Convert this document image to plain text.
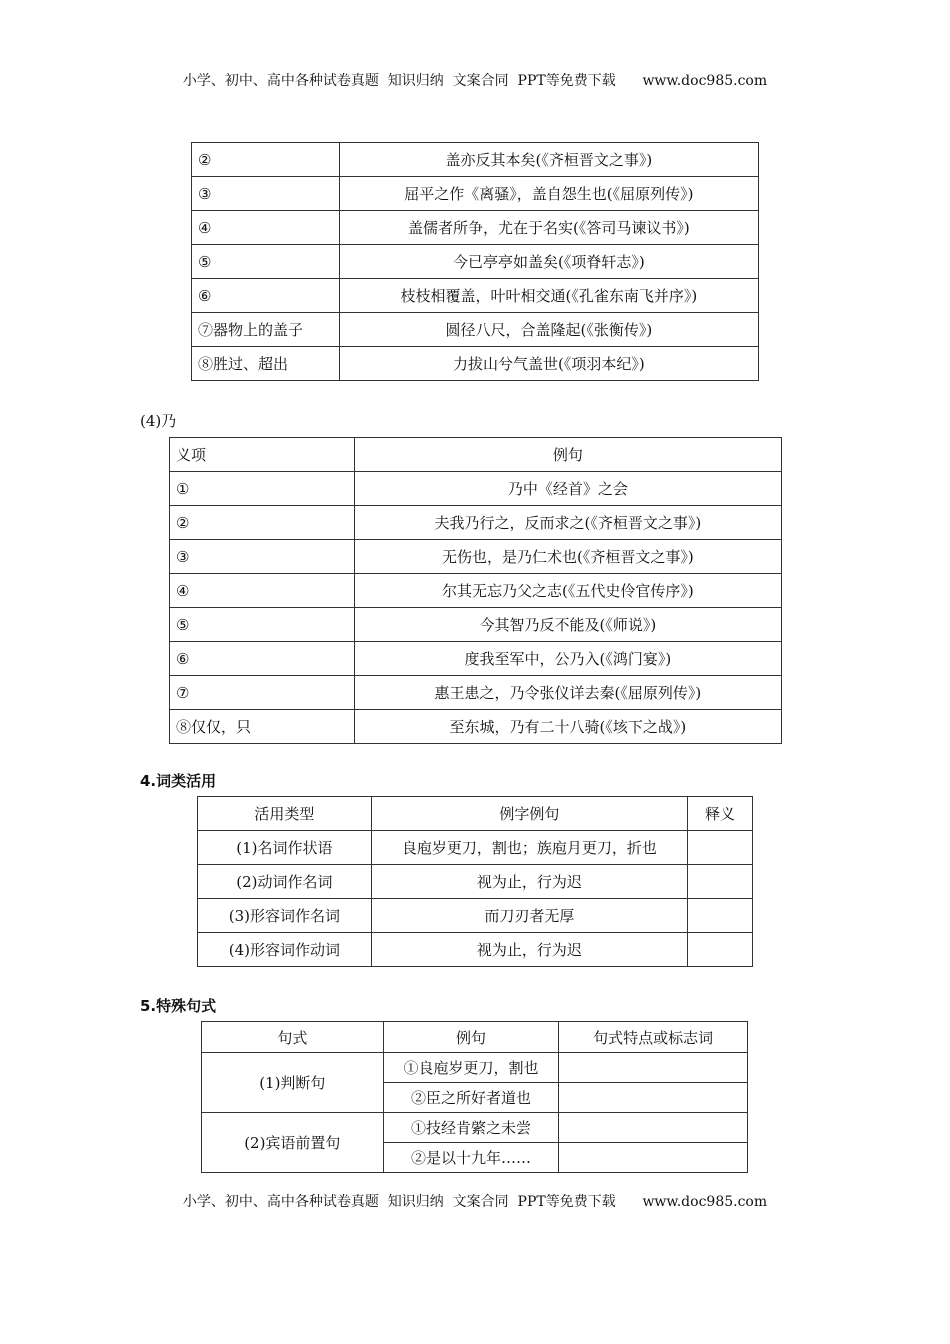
小学、初中、高中各种试卷真题  知识归纳  文案合同  PPT等免费下载      www.doc985.com
②	盖亦反其本矣(《齐桓晋文之事》)
③	屈平之作《离骚》，盖自怨生也(《屈原列传》)
④	盖儒者所争，尤在于名实(《答司马谏议书》)
⑤	今已亭亭如盖矣(《项脊轩志》)
⑥	枝枝相覆盖，叶叶相交通(《孔雀东南飞并序》)
⑦器物上的盖子	圆径八尺，合盖隆起(《张衡传》)
⑧胜过、超出	力拔山兮气盖世(《项羽本纪》)
(4)乃
义项	例句
①	乃中《经首》之会
②	夫我乃行之，反而求之(《齐桓晋文之事》)
③	无伤也，是乃仁术也(《齐桓晋文之事》)
④	尔其无忘乃父之志(《五代史伶官传序》)
⑤	今其智乃反不能及(《师说》)
⑥	度我至军中，公乃入(《鸿门宴》)
⑦	惠王患之，乃令张仪详去秦(《屈原列传》)
⑧仅仅，只	至东城，乃有二十八骑(《垓下之战》)
4.词类活用
活用类型	例字例句	释义
(1)名词作状语	良庖岁更刀，割也；族庖月更刀，折也	
(2)动词作名词	视为止，行为迟	
(3)形容词作名词	而刀刃者无厚	
(4)形容词作动词	视为止，行为迟	
5.特殊句式
句式	例句	句式特点或标志词
(1)判断句	①良庖岁更刀，割也	
	②臣之所好者道也	
(2)宾语前置句	①技经肯綮之未尝	
	②是以十九年……	
小学、初中、高中各种试卷真题  知识归纳  文案合同  PPT等免费下载      www.doc985.com
